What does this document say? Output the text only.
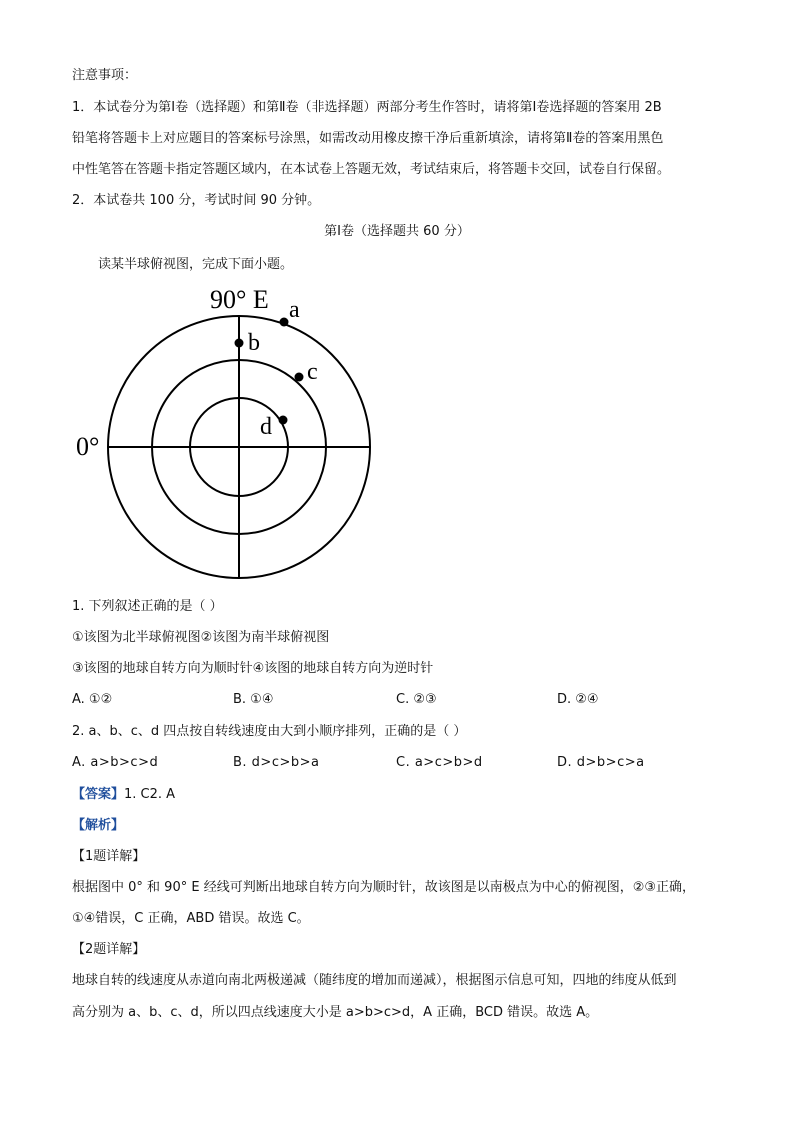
注意事项：
1．本试卷分为第Ⅰ卷（选择题）和第Ⅱ卷（非选择题）两部分考生作答时，请将第Ⅰ卷选择题的答案用 2B
铅笔将答题卡上对应题目的答案标号涂黑，如需改动用橡皮擦干净后重新填涂，请将第Ⅱ卷的答案用黑色
中性笔答在答题卡指定答题区域内，在本试卷上答题无效，考试结束后，将答题卡交回，试卷自行保留。
2．本试卷共 100 分，考试时间 90 分钟。
第Ⅰ卷（选择题共 60 分）
读某半球俯视图，完成下面小题。
90° E
0°
a
b
c
d
1. 下列叙述正确的是（ ）
①该图为北半球俯视图②该图为南半球俯视图
③该图的地球自转方向为顺时针④该图的地球自转方向为逆时针
A. ①②	B. ①④	C. ②③	D. ②④
2. a、b、c、d 四点按自转线速度由大到小顺序排列，正确的是（ ）
A. a>b>c>d	B. d>c>b>a	C. a>c>b>d	D. d>b>c>a
【答案】1. C2. A
【解析】
【1题详解】
根据图中 0° 和 90° E 经线可判断出地球自转方向为顺时针，故该图是以南极点为中心的俯视图，②③正确，
①④错误，C 正确，ABD 错误。故选 C。
【2题详解】
地球自转的线速度从赤道向南北两极递减（随纬度的增加而递减），根据图示信息可知，四地的纬度从低到
高分别为 a、b、c、d，所以四点线速度大小是 a>b>c>d，A 正确，BCD 错误。故选 A。
